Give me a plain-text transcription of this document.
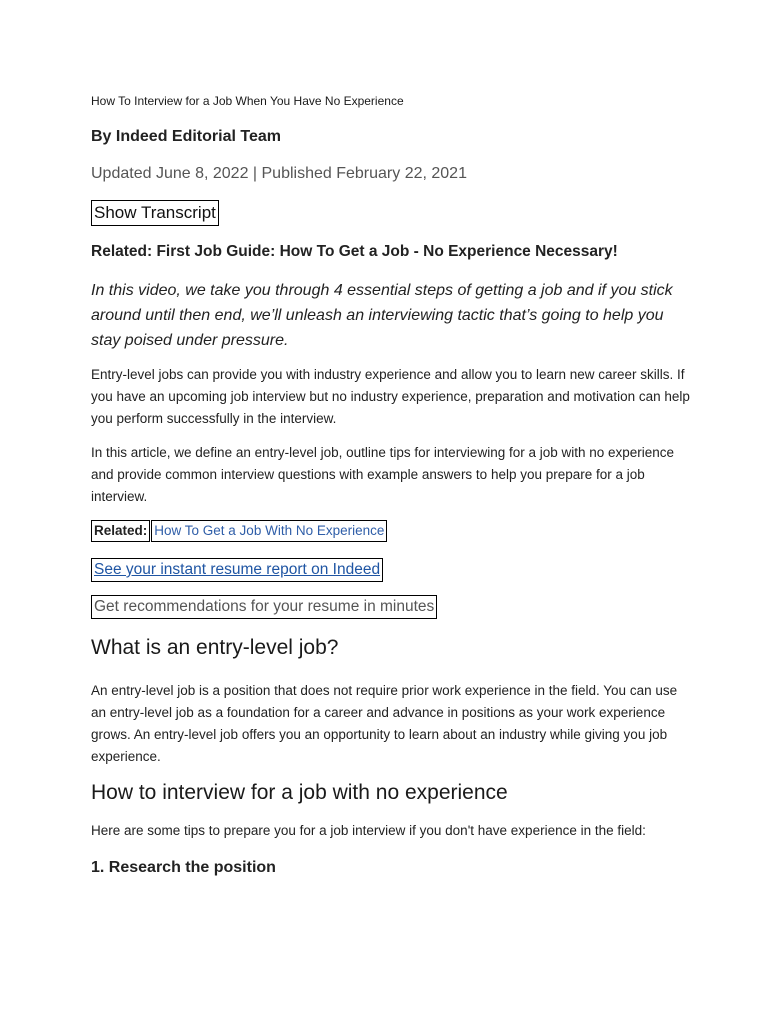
How To Interview for a Job When You Have No Experience

By Indeed Editorial Team

Updated June 8, 2022 | Published February 22, 2021

Show Transcript

Related: First Job Guide: How To Get a Job - No Experience Necessary!

In this video, we take you through 4 essential steps of getting a job and if you stick around until then end, we’ll unleash an interviewing tactic that’s going to help you stay poised under pressure.

Entry-level jobs can provide you with industry experience and allow you to learn new career skills. If you have an upcoming job interview but no industry experience, preparation and motivation can help you perform successfully in the interview.

In this article, we define an entry-level job, outline tips for interviewing for a job with no experience and provide common interview questions with example answers to help you prepare for a job interview.

Related: How To Get a Job With No Experience
See your instant resume report on Indeed
Get recommendations for your resume in minutes
What is an entry-level job?

An entry-level job is a position that does not require prior work experience in the field. You can use an entry-level job as a foundation for a career and advance in positions as your work experience grows. An entry-level job offers you an opportunity to learn about an industry while giving you job experience.

How to interview for a job with no experience

Here are some tips to prepare you for a job interview if you don't have experience in the field:

1. Research the position
